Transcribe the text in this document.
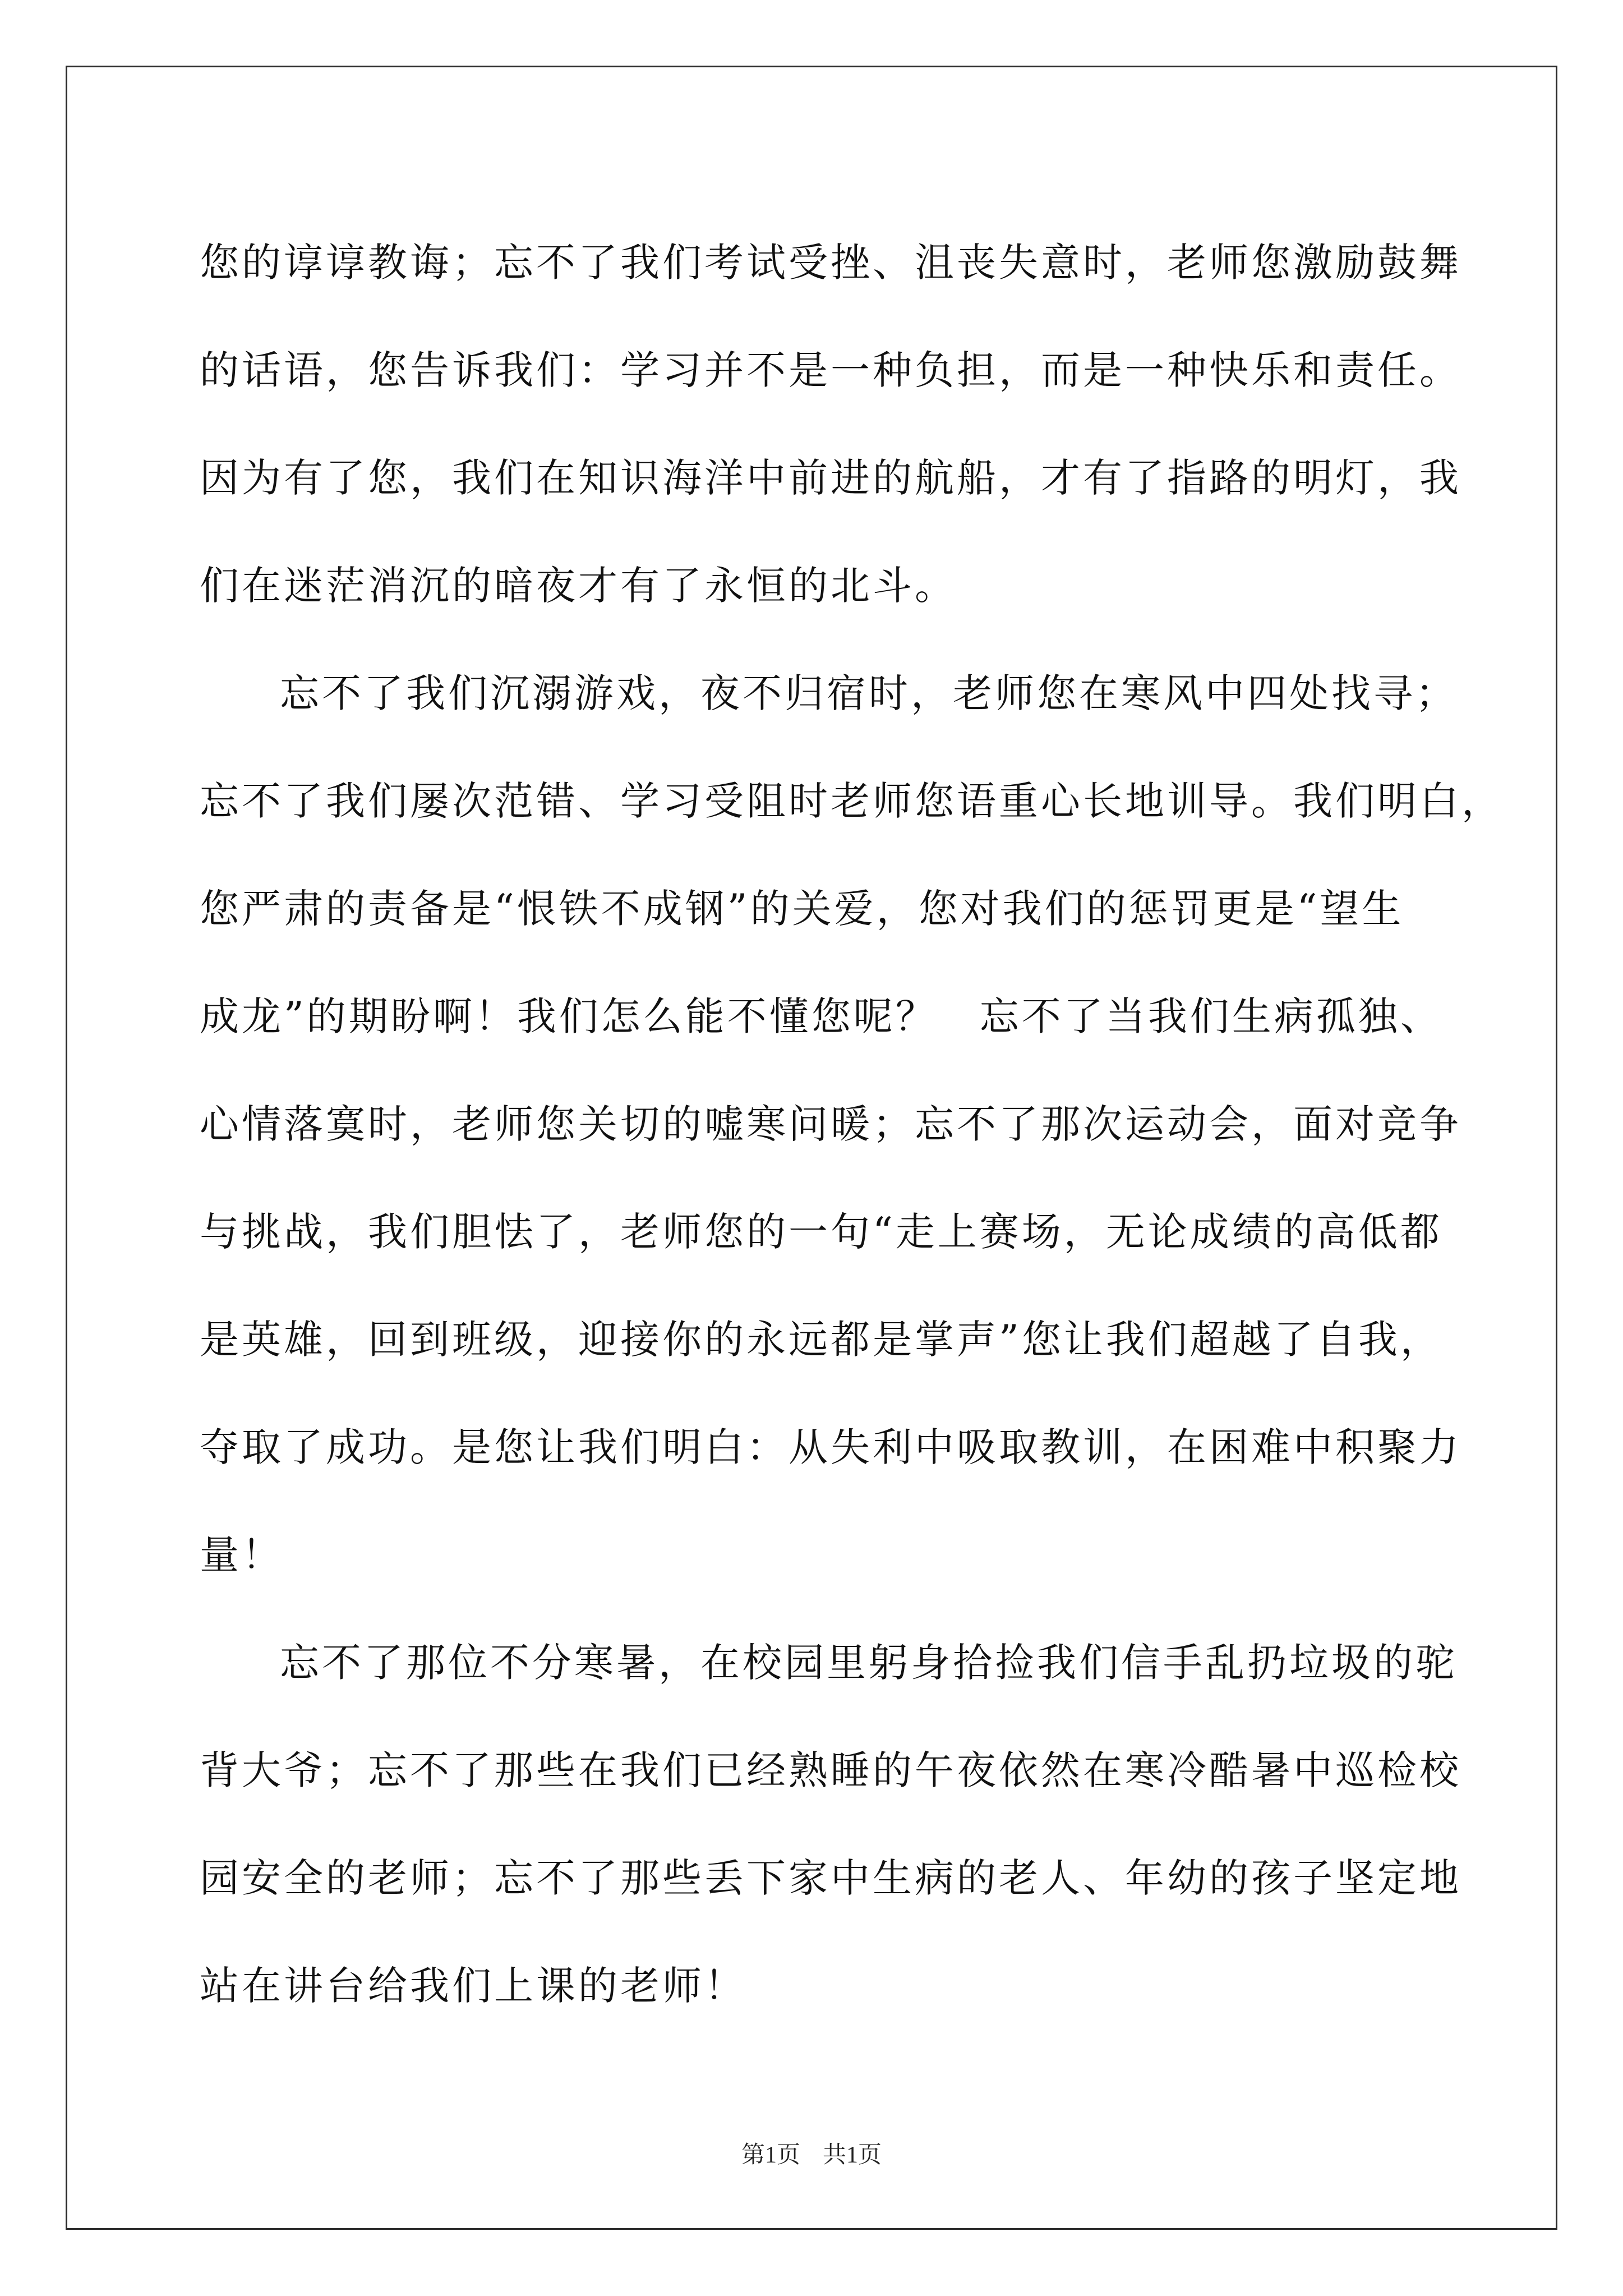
您的谆谆教诲；忘不了我们考试受挫、沮丧失意时，老师您激励鼓舞
的话语，您告诉我们：学习并不是一种负担，而是一种快乐和责任。
因为有了您，我们在知识海洋中前进的航船，才有了指路的明灯，我
们在迷茫消沉的暗夜才有了永恒的北斗。
忘不了我们沉溺游戏，夜不归宿时，老师您在寒风中四处找寻；
忘不了我们屡次范错、学习受阻时老师您语重心长地训导。我们明白，
您严肃的责备是“恨铁不成钢”的关爱，您对我们的惩罚更是“望生
成龙”的期盼啊！我们怎么能不懂您呢？　忘不了当我们生病孤独、
心情落寞时，老师您关切的嘘寒问暖；忘不了那次运动会，面对竞争
与挑战，我们胆怯了，老师您的一句“走上赛场，无论成绩的高低都
是英雄，回到班级，迎接你的永远都是掌声”您让我们超越了自我，
夺取了成功。是您让我们明白：从失利中吸取教训，在困难中积聚力
量！
忘不了那位不分寒暑，在校园里躬身拾捡我们信手乱扔垃圾的驼
背大爷；忘不了那些在我们已经熟睡的午夜依然在寒冷酷暑中巡检校
园安全的老师；忘不了那些丢下家中生病的老人、年幼的孩子坚定地
站在讲台给我们上课的老师！
第1页 共1页
